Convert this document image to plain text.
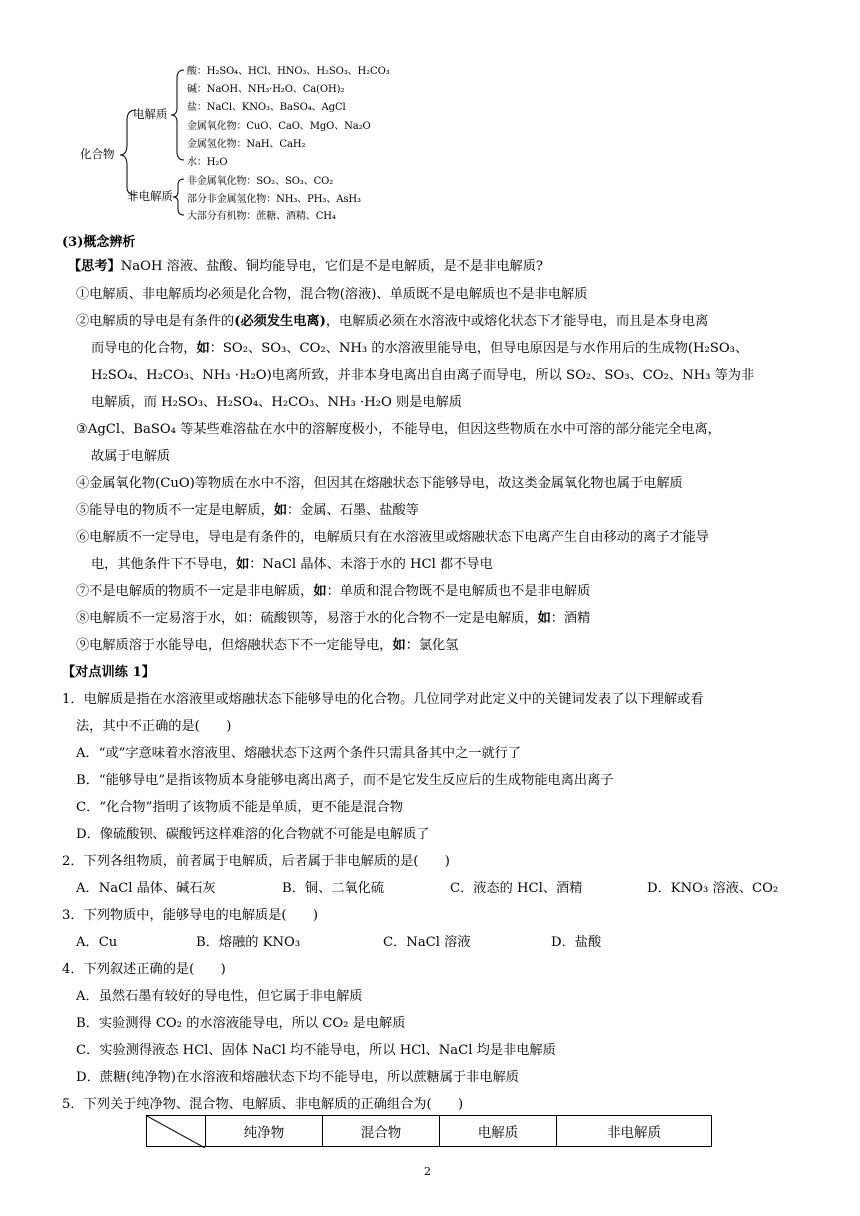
化合物
电解质
非电解质
酸：H₂SO₄、HCl、HNO₃、H₂SO₃、H₂CO₃
碱：NaOH、NH₃·H₂O、Ca(OH)₂
盐：NaCl、KNO₃、BaSO₄、AgCl
金属氧化物：CuO、CaO、MgO、Na₂O
金属氢化物：NaH、CaH₂
水：H₂O
非金属氧化物：SO₂、SO₃、CO₂
部分非金属氢化物：NH₃、PH₃、AsH₃
大部分有机物：蔗糖、酒精、CH₄
(3)概念辨析
【思考】NaOH 溶液、盐酸、铜均能导电，它们是不是电解质，是不是非电解质?
①电解质、非电解质均必须是化合物，混合物(溶液)、单质既不是电解质也不是非电解质
②电解质的导电是有条件的(必须发生电离)，电解质必须在水溶液中或熔化状态下才能导电，而且是本身电离
而导电的化合物，如：SO₂、SO₃、CO₂、NH₃ 的水溶液里能导电，但导电原因是与水作用后的生成物(H₂SO₃、
H₂SO₄、H₂CO₃、NH₃ ·H₂O)电离所致，并非本身电离出自由离子而导电，所以 SO₂、SO₃、CO₂、NH₃ 等为非
电解质，而 H₂SO₃、H₂SO₄、H₂CO₃、NH₃ ·H₂O 则是电解质
③AgCl、BaSO₄ 等某些难溶盐在水中的溶解度极小，不能导电，但因这些物质在水中可溶的部分能完全电离，
故属于电解质
④金属氧化物(CuO)等物质在水中不溶，但因其在熔融状态下能够导电，故这类金属氧化物也属于电解质
⑤能导电的物质不一定是电解质，如：金属、石墨、盐酸等
⑥电解质不一定导电，导电是有条件的，电解质只有在水溶液里或熔融状态下电离产生自由移动的离子才能导
电，其他条件下不导电，如：NaCl 晶体、未溶于水的 HCl 都不导电
⑦不是电解质的物质不一定是非电解质，如：单质和混合物既不是电解质也不是非电解质
⑧电解质不一定易溶于水，如：硫酸钡等，易溶于水的化合物不一定是电解质，如：酒精
⑨电解质溶于水能导电，但熔融状态下不一定能导电，如：氯化氢
【对点训练 1】
1．电解质是指在水溶液里或熔融状态下能够导电的化合物。几位同学对此定义中的关键词发表了以下理解或看
法，其中不正确的是(　　)
A．“或”字意味着水溶液里、熔融状态下这两个条件只需具备其中之一就行了
B．“能够导电”是指该物质本身能够电离出离子，而不是它发生反应后的生成物能电离出离子
C．“化合物”指明了该物质不能是单质，更不能是混合物
D．像硫酸钡、碳酸钙这样难溶的化合物就不可能是电解质了
2．下列各组物质，前者属于电解质，后者属于非电解质的是(　　)
A．NaCl 晶体、碱石灰	B．铜、二氧化硫	C．液态的 HCl、酒精	D．KNO₃ 溶液、CO₂
3．下列物质中，能够导电的电解质是(　　)
A．Cu	B．熔融的 KNO₃	C．NaCl 溶液	D．盐酸
4．下列叙述正确的是(　　)
A．虽然石墨有较好的导电性，但它属于非电解质
B．实验测得 CO₂ 的水溶液能导电，所以 CO₂ 是电解质
C．实验测得液态 HCl、固体 NaCl 均不能导电，所以 HCl、NaCl 均是非电解质
D．蔗糖(纯净物)在水溶液和熔融状态下均不能导电，所以蔗糖属于非电解质
5．下列关于纯净物、混合物、电解质、非电解质的正确组合为(　　)
	纯净物	混合物	电解质	非电解质
2
